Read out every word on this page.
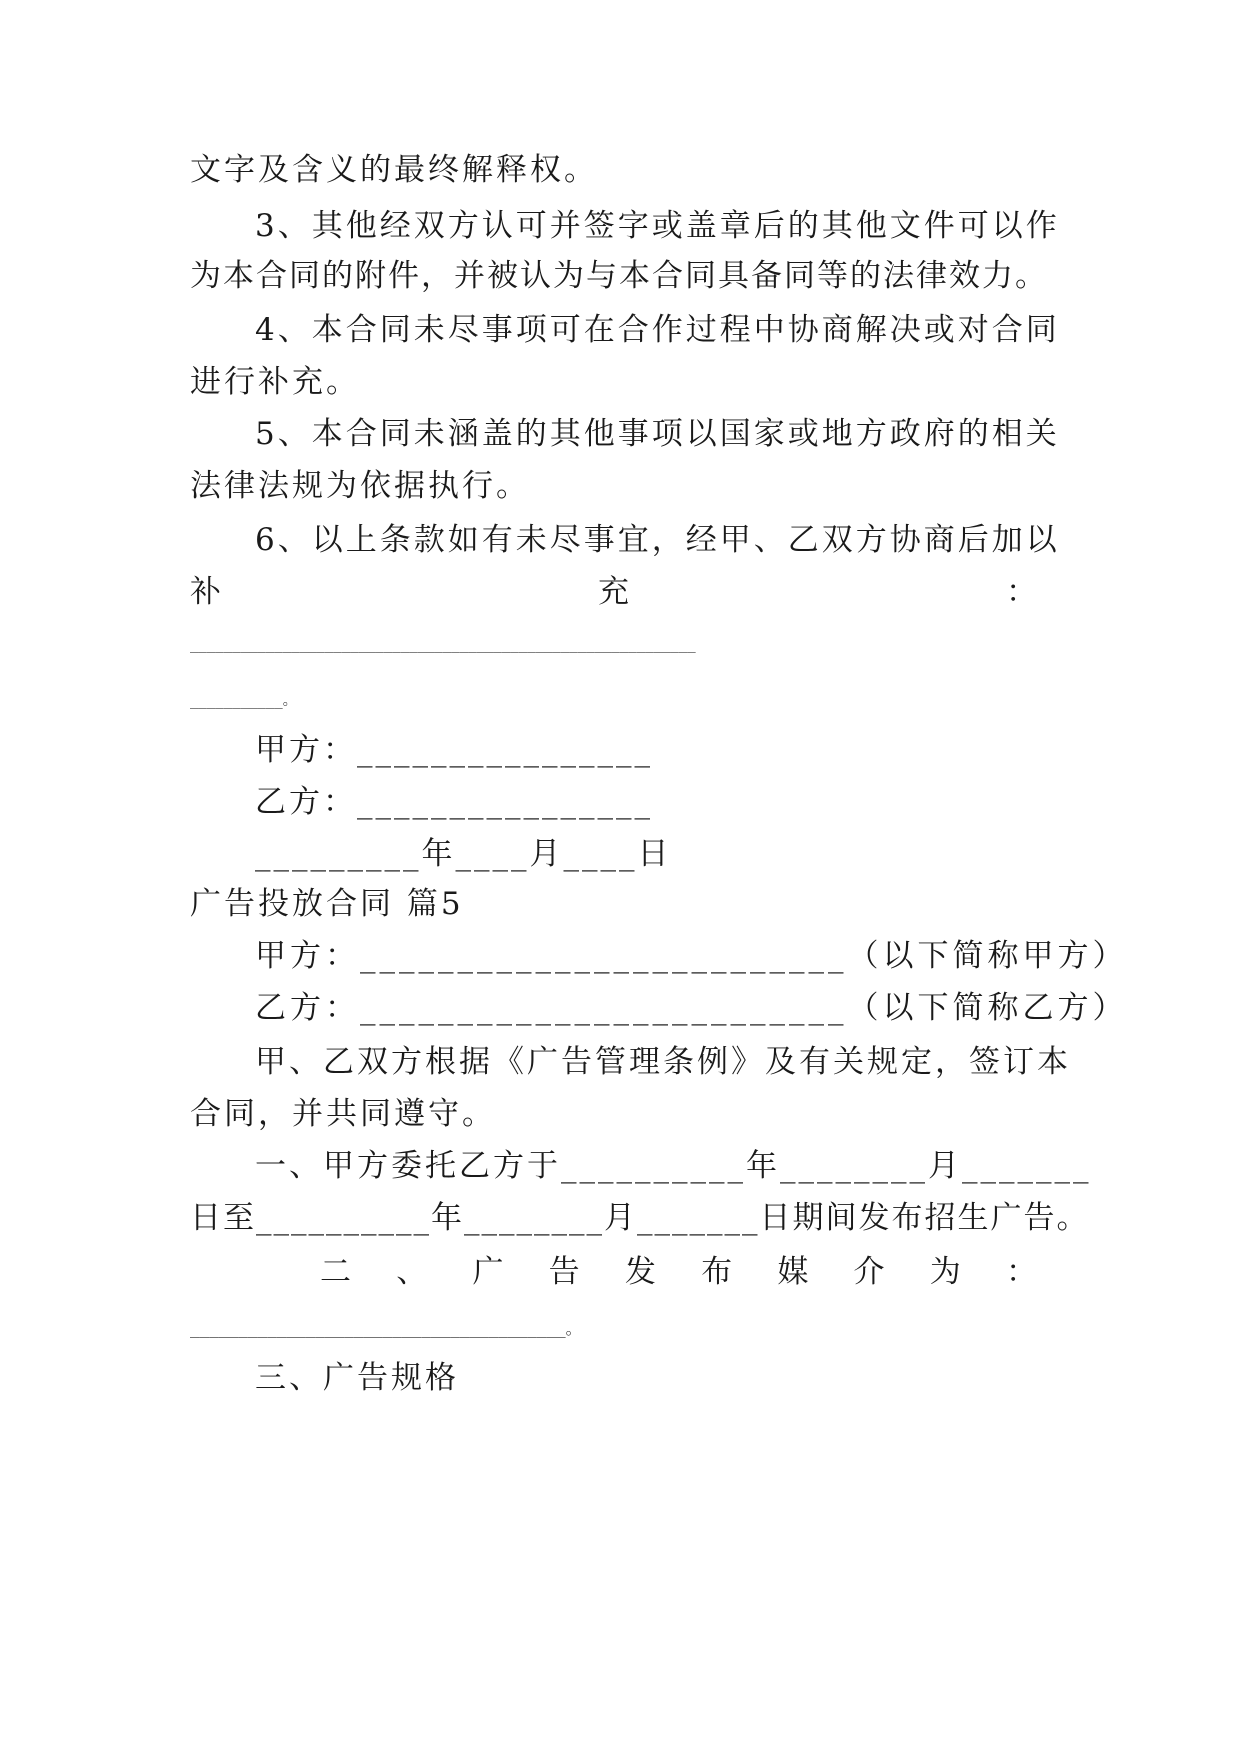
文字及含义的最终解释权。
3、其他经双方认可并签字或盖章后的其他文件可以作
为本合同的附件，并被认为与本合同具备同等的法律效力。
4、本合同未尽事项可在合作过程中协商解决或对合同
进行补充。
5、本合同未涵盖的其他事项以国家或地方政府的相关
法律法规为依据执行。
6、以上条款如有未尽事宜，经甲、乙双方协商后加以
补	充	：
____________________________________________________________
___________。
甲方：________________
乙方：________________
_________年____月____日
广告投放合同 篇5
甲方：_________________________（以下简称甲方）
乙方：_________________________（以下简称乙方）
甲、乙双方根据《广告管理条例》及有关规定，签订本
合同，并共同遵守。
一、甲方委托乙方于__________年________月_______
日至__________年________月_______日期间发布招生广告。
二 、 广 告 发 布 媒 介 为 ：
_______________________________________。
三、广告规格
